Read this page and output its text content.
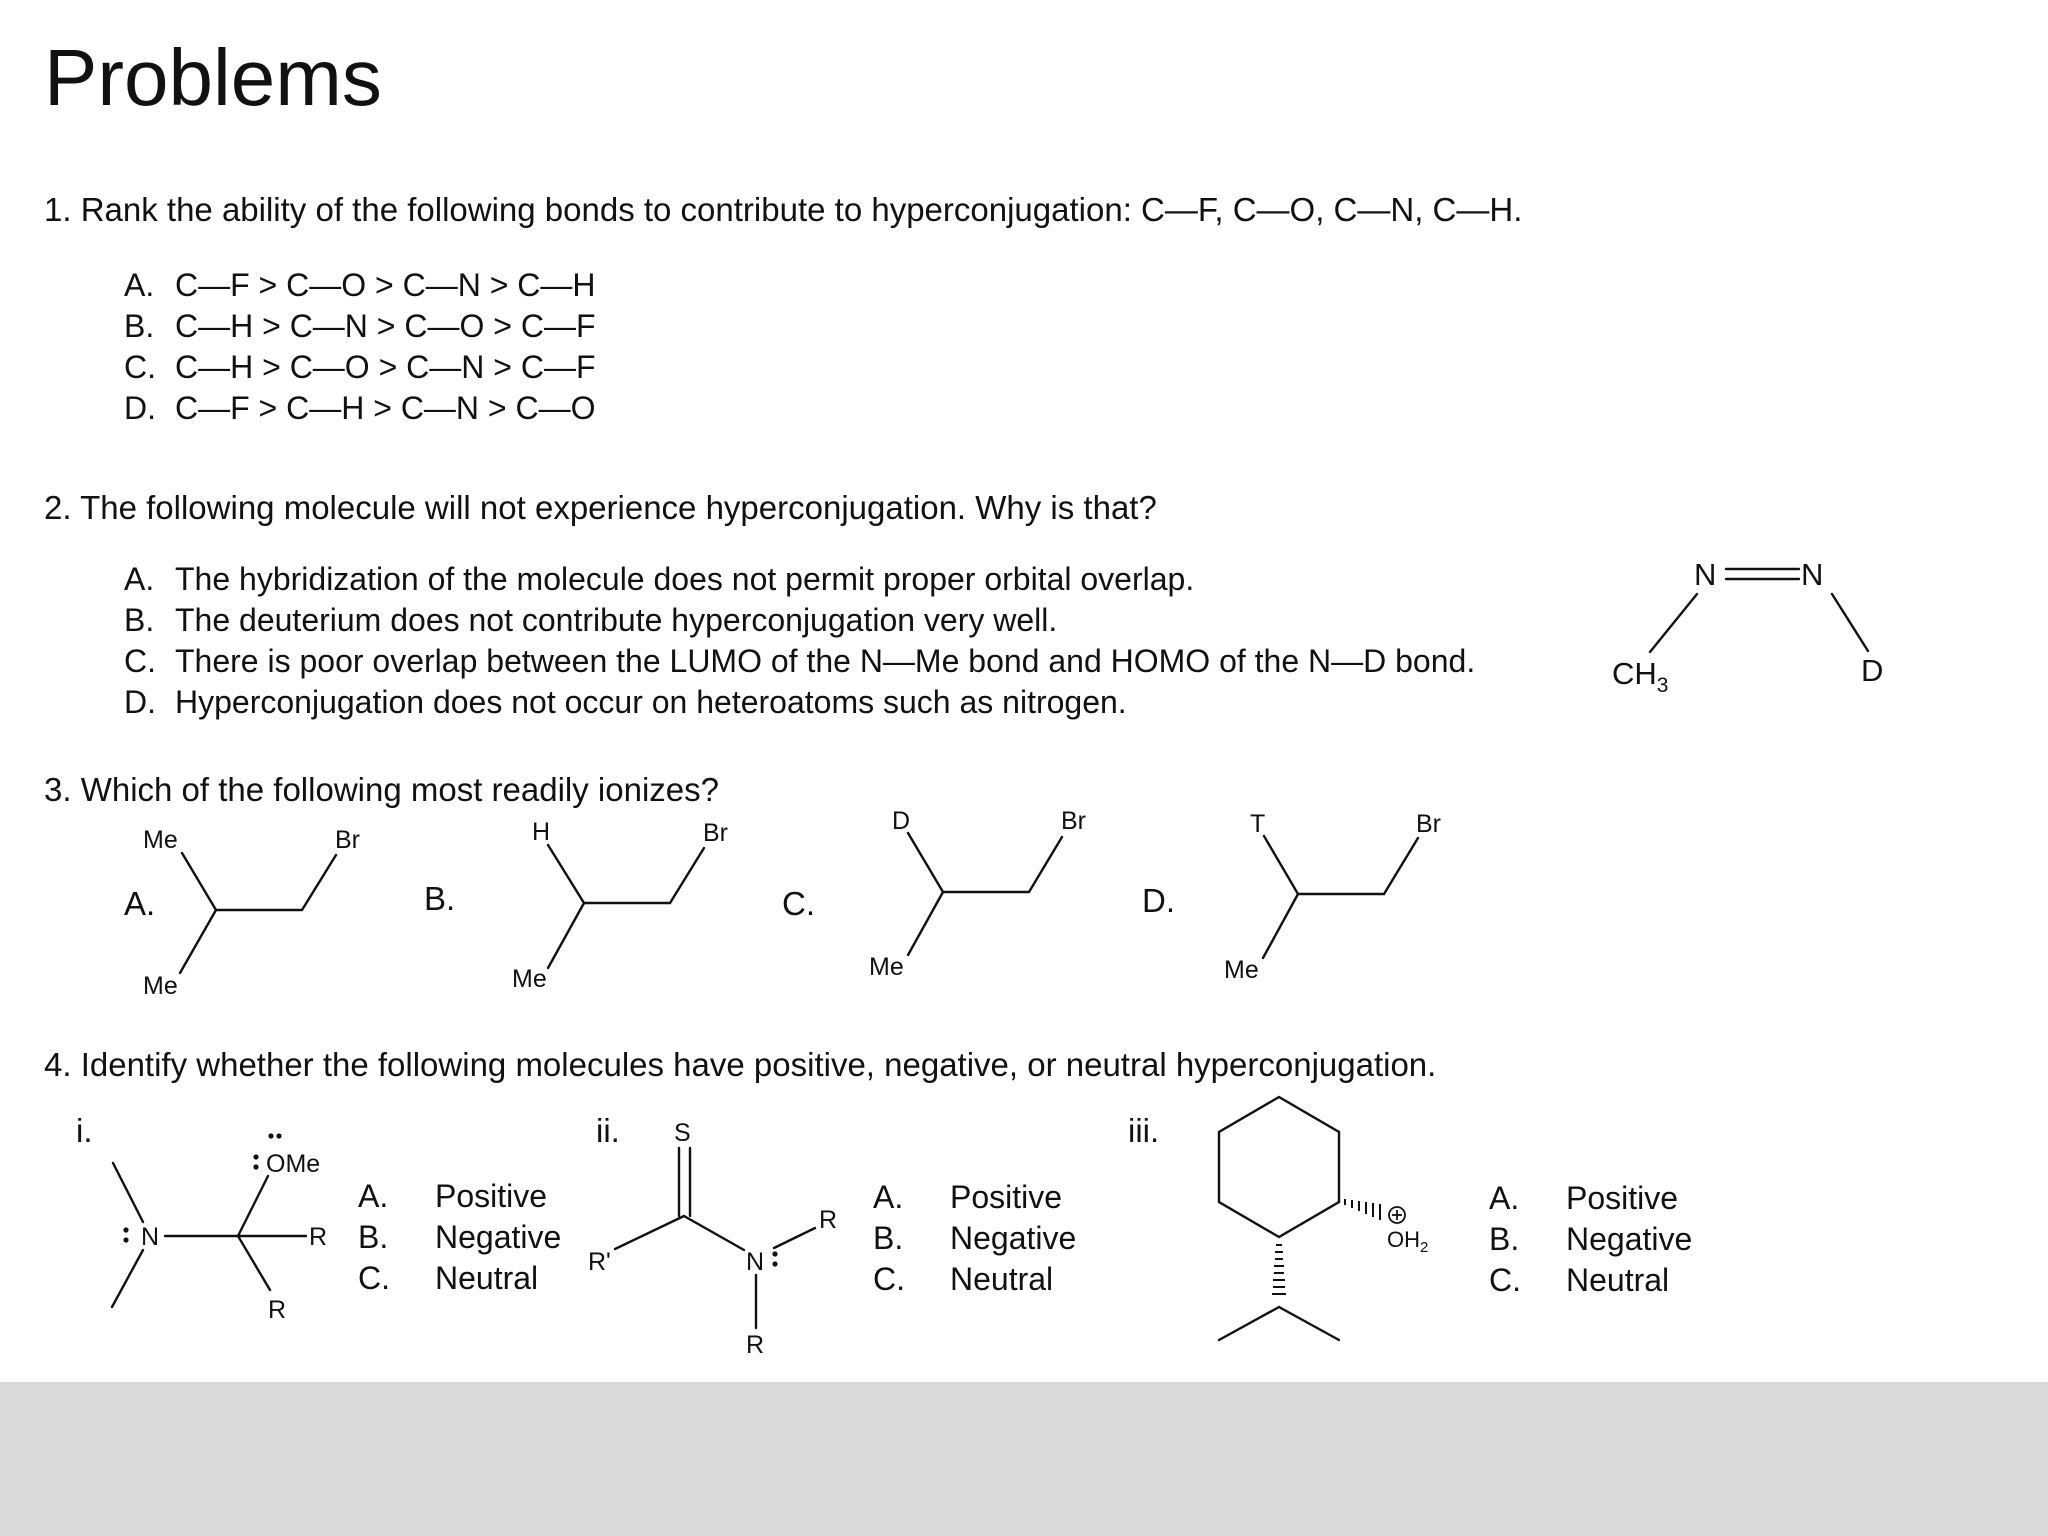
Problems
1. Rank the ability of the following bonds to contribute to hyperconjugation: C—F, C—O, C—N, C—H.
A. C—F > C—O > C—N > C—H
B. C—H > C—N > C—O > C—F
C. C—H > C—O > C—N > C—F
D. C—F > C—H > C—N > C—O
2. The following molecule will not experience hyperconjugation. Why is that?
A. The hybridization of the molecule does not permit proper orbital overlap.
B. The deuterium does not contribute hyperconjugation very well.
C. There is poor overlap between the LUMO of the N—Me bond and HOMO of the N—D bond.
D. Hyperconjugation does not occur on heteroatoms such as nitrogen.
3. Which of the following most readily ionizes?
A.	B.	C.	D.
4. Identify whether the following molecules have positive, negative, or neutral hyperconjugation.
i.	ii.	iii.
A. Positive
B. Negative
C. Neutral
A. Positive
B. Negative
C. Neutral
A. Positive
B. Negative
C. Neutral
N	N
$CH_3$	D
Me	Br
Me
H	Br
Me
D	Br
Me
T	Br
Me
OMe
N	R
R
S
R'	N
R
R
$OH_2$
